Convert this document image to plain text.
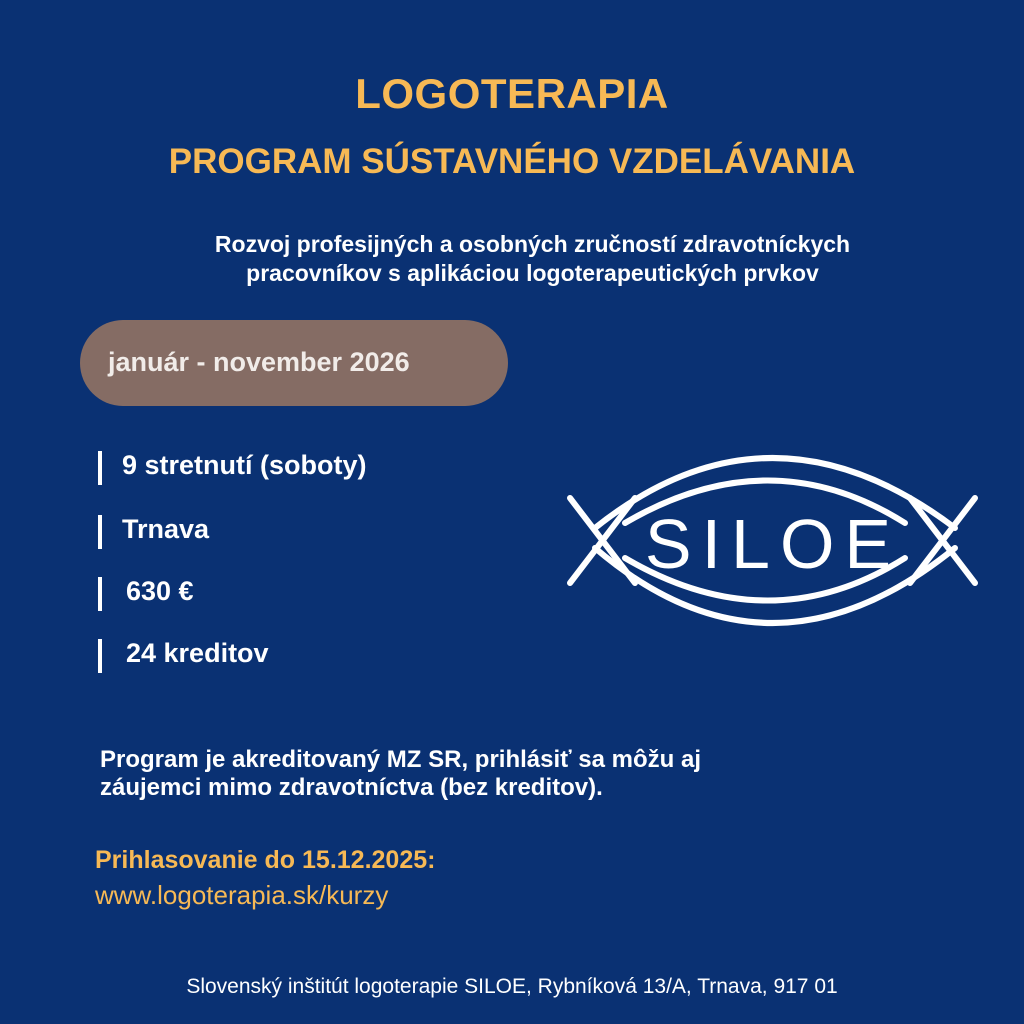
LOGOTERAPIA
PROGRAM SÚSTAVNÉHO VZDELÁVANIA
Rozvoj profesijných a osobných zručností zdravotníckych
pracovníkov s aplikáciou logoterapeutických prvkov
január - november 2026
9 stretnutí (soboty)
Trnava
630 €
24 kreditov
SILOE
Program je akreditovaný MZ SR, prihlásiť sa môžu aj
záujemci mimo zdravotníctva (bez kreditov).
Prihlasovanie do 15.12.2025:
www.logoterapia.sk/kurzy
Slovenský inštitút logoterapie SILOE, Rybníková 13/A, Trnava, 917 01
